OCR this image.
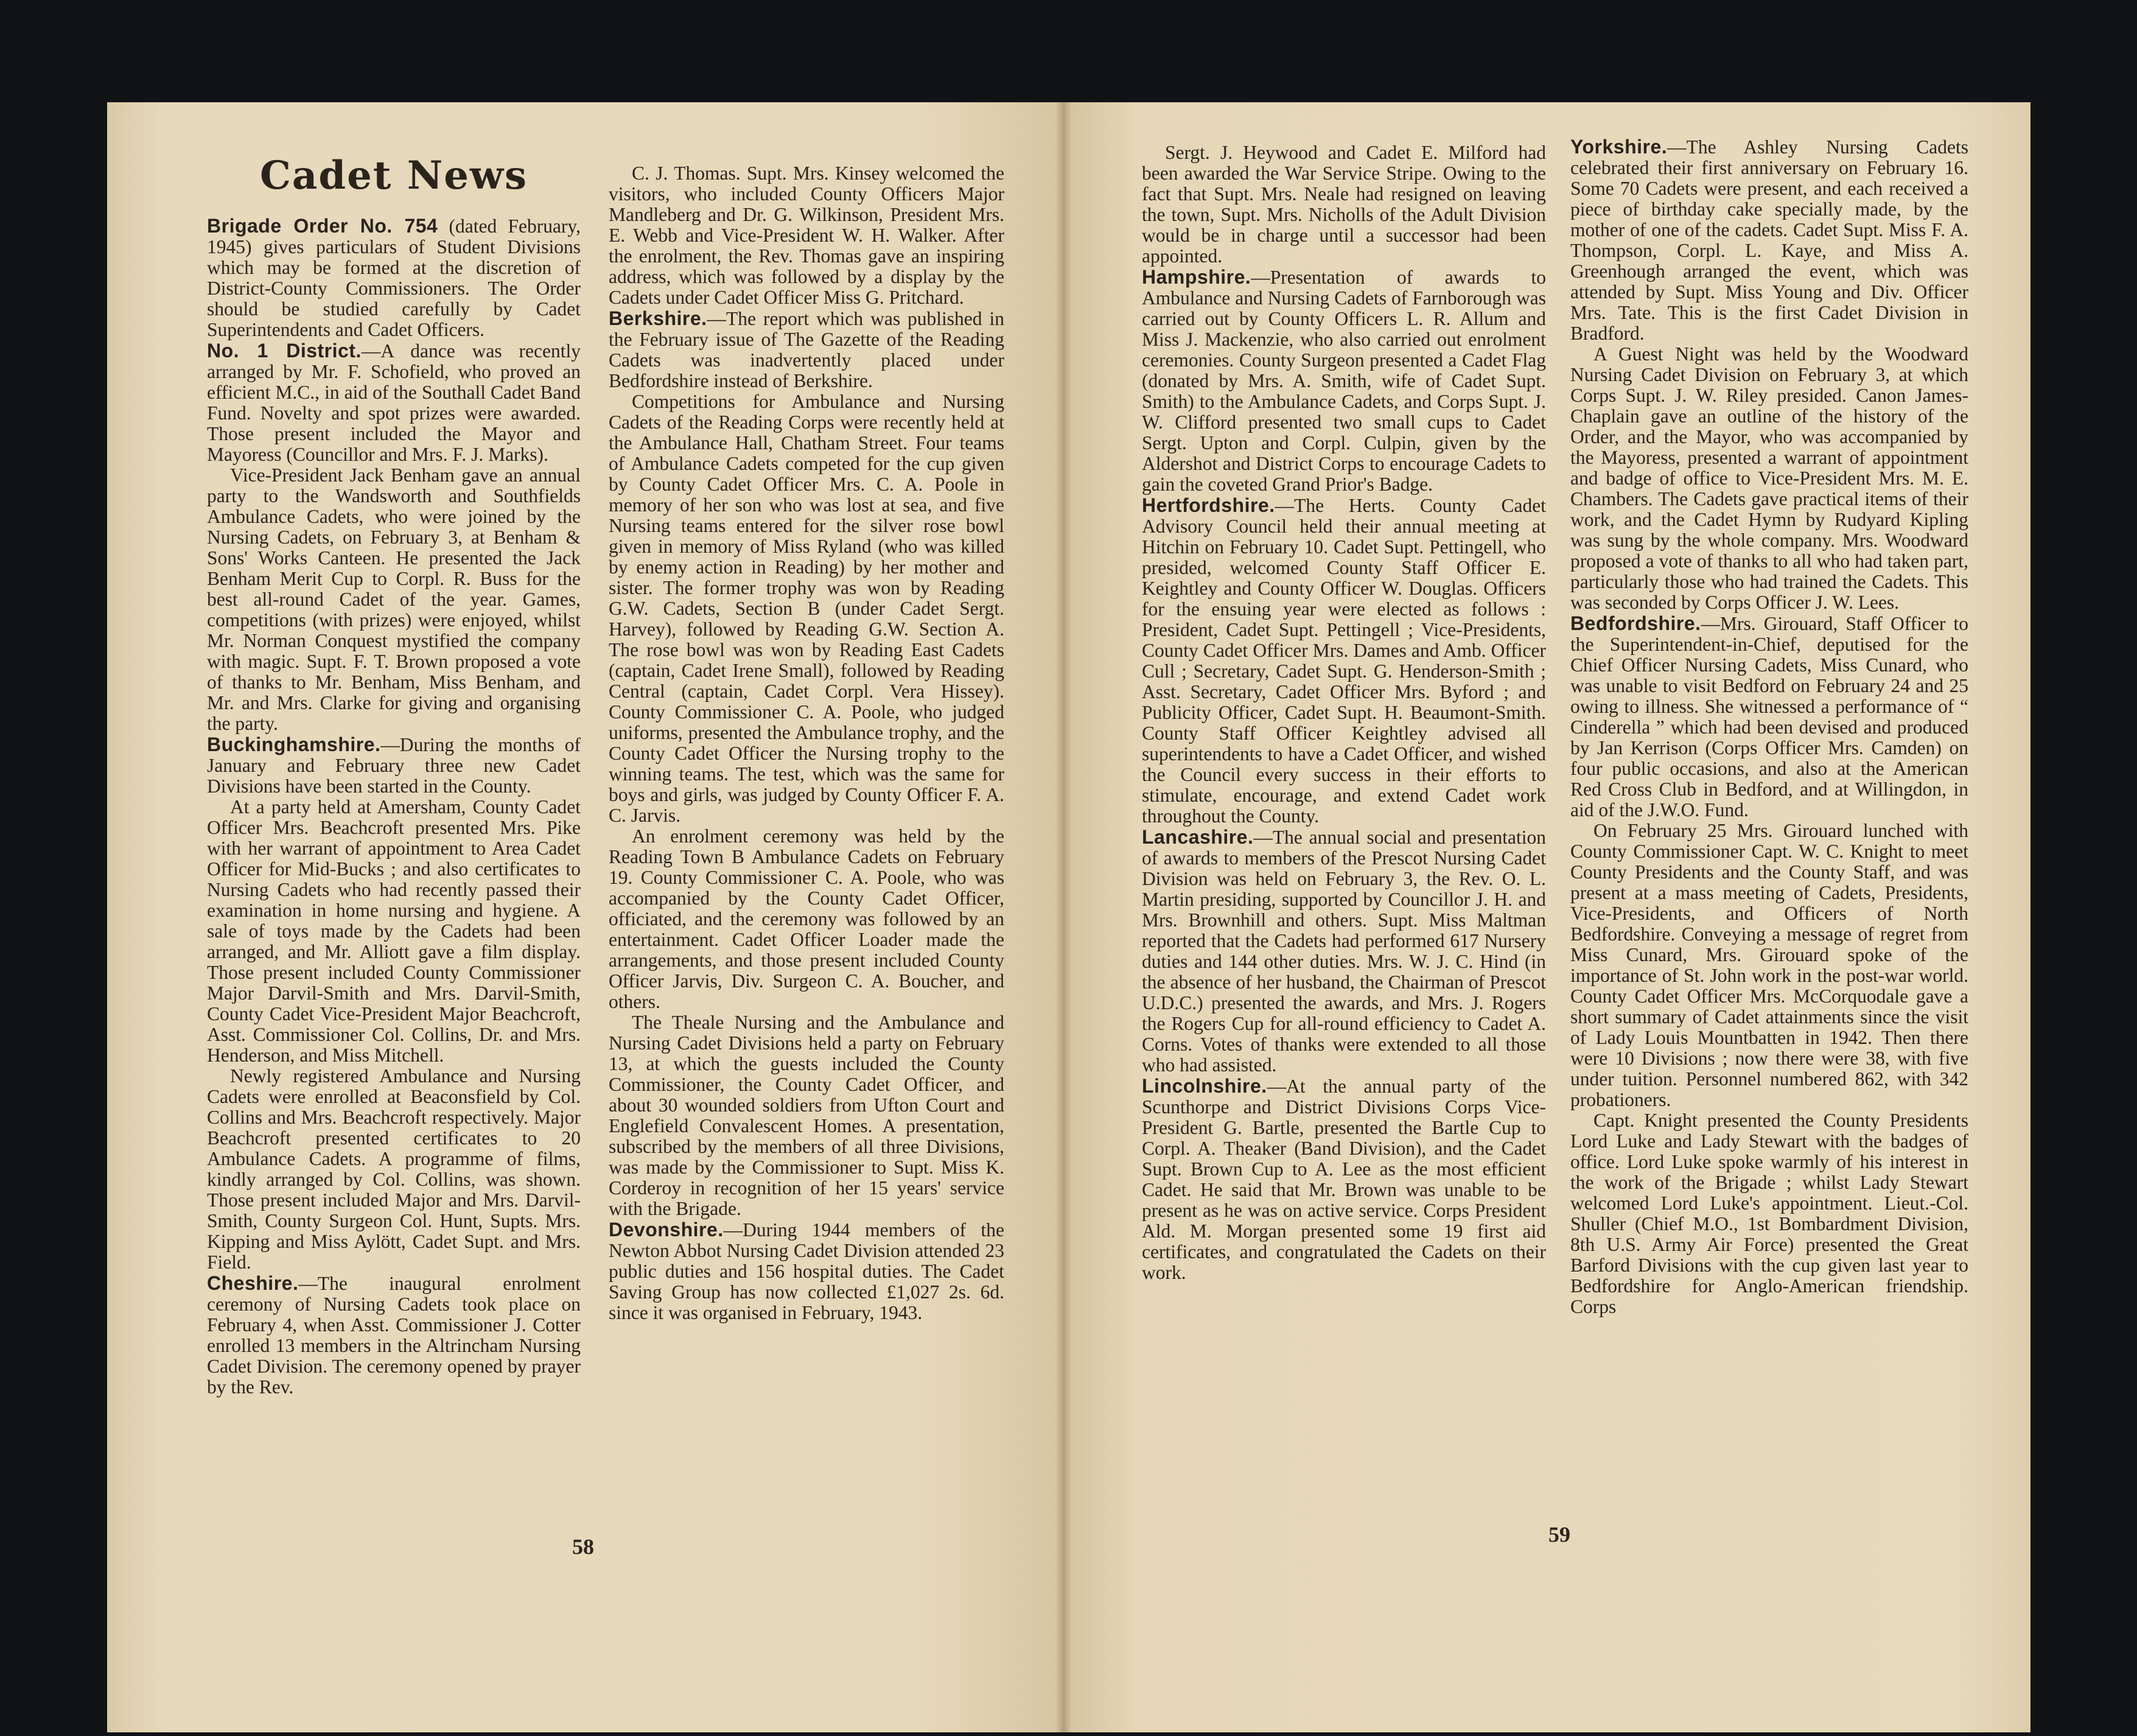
Cadet News

Brigade Order No. 754 (dated February, 1945) gives particulars of Student Divisions which may be formed at the discretion of District-County Commissioners. The Order should be studied carefully by Cadet Superintendents and Cadet Officers.

No. 1 District.—A dance was recently arranged by Mr. F. Schofield, who proved an efficient M.C., in aid of the Southall Cadet Band Fund. Novelty and spot prizes were awarded. Those present included the Mayor and Mayoress (Councillor and Mrs. F. J. Marks).

Vice-President Jack Benham gave an annual party to the Wandsworth and Southfields Ambulance Cadets, who were joined by the Nursing Cadets, on February 3, at Benham & Sons' Works Canteen. He presented the Jack Benham Merit Cup to Corpl. R. Buss for the best all-round Cadet of the year. Games, competitions (with prizes) were enjoyed, whilst Mr. Norman Conquest mystified the company with magic. Supt. F. T. Brown proposed a vote of thanks to Mr. Benham, Miss Benham, and Mr. and Mrs. Clarke for giving and organising the party.

Buckinghamshire.—During the months of January and February three new Cadet Divisions have been started in the County.

At a party held at Amersham, County Cadet Officer Mrs. Beachcroft presented Mrs. Pike with her warrant of appointment to Area Cadet Officer for Mid-Bucks ; and also certificates to Nursing Cadets who had recently passed their examination in home nursing and hygiene. A sale of toys made by the Cadets had been arranged, and Mr. Alliott gave a film display. Those present included County Commissioner Major Darvil-Smith and Mrs. Darvil-Smith, County Cadet Vice-President Major Beachcroft, Asst. Commissioner Col. Collins, Dr. and Mrs. Henderson, and Miss Mitchell.

Newly registered Ambulance and Nursing Cadets were enrolled at Beaconsfield by Col. Collins and Mrs. Beachcroft respectively. Major Beachcroft presented certificates to 20 Ambulance Cadets. A programme of films, kindly arranged by Col. Collins, was shown. Those present included Major and Mrs. Darvil-Smith, County Surgeon Col. Hunt, Supts. Mrs. Kipping and Miss Aylött, Cadet Supt. and Mrs. Field.

Cheshire.—The inaugural enrolment ceremony of Nursing Cadets took place on February 4, when Asst. Commissioner J. Cotter enrolled 13 members in the Altrincham Nursing Cadet Division. The ceremony opened by prayer by the Rev.

C. J. Thomas. Supt. Mrs. Kinsey welcomed the visitors, who included County Officers Major Mandleberg and Dr. G. Wilkinson, President Mrs. E. Webb and Vice-President W. H. Walker. After the enrolment, the Rev. Thomas gave an inspiring address, which was followed by a display by the Cadets under Cadet Officer Miss G. Pritchard.

Berkshire.—The report which was published in the February issue of The Gazette of the Reading Cadets was inadvertently placed under Bedfordshire instead of Berkshire.

Competitions for Ambulance and Nursing Cadets of the Reading Corps were recently held at the Ambulance Hall, Chatham Street. Four teams of Ambulance Cadets competed for the cup given by County Cadet Officer Mrs. C. A. Poole in memory of her son who was lost at sea, and five Nursing teams entered for the silver rose bowl given in memory of Miss Ryland (who was killed by enemy action in Reading) by her mother and sister. The former trophy was won by Reading G.W. Cadets, Section B (under Cadet Sergt. Harvey), followed by Reading G.W. Section A. The rose bowl was won by Reading East Cadets (captain, Cadet Irene Small), followed by Reading Central (captain, Cadet Corpl. Vera Hissey). County Commissioner C. A. Poole, who judged uniforms, presented the Ambulance trophy, and the County Cadet Officer the Nursing trophy to the winning teams. The test, which was the same for boys and girls, was judged by County Officer F. A. C. Jarvis.

An enrolment ceremony was held by the Reading Town B Ambulance Cadets on February 19. County Commissioner C. A. Poole, who was accompanied by the County Cadet Officer, officiated, and the ceremony was followed by an entertainment. Cadet Officer Loader made the arrangements, and those present included County Officer Jarvis, Div. Surgeon C. A. Boucher, and others.

The Theale Nursing and the Ambulance and Nursing Cadet Divisions held a party on February 13, at which the guests included the County Commissioner, the County Cadet Officer, and about 30 wounded soldiers from Ufton Court and Englefield Convalescent Homes. A presentation, subscribed by the members of all three Divisions, was made by the Commissioner to Supt. Miss K. Corderoy in recognition of her 15 years' service with the Brigade.

Devonshire.—During 1944 members of the Newton Abbot Nursing Cadet Division attended 23 public duties and 156 hospital duties. The Cadet Saving Group has now collected £1,027 2s. 6d. since it was organised in February, 1943.

Sergt. J. Heywood and Cadet E. Milford had been awarded the War Service Stripe. Owing to the fact that Supt. Mrs. Neale had resigned on leaving the town, Supt. Mrs. Nicholls of the Adult Division would be in charge until a successor had been appointed.

Hampshire.—Presentation of awards to Ambulance and Nursing Cadets of Farnborough was carried out by County Officers L. R. Allum and Miss J. Mackenzie, who also carried out enrolment ceremonies. County Surgeon presented a Cadet Flag (donated by Mrs. A. Smith, wife of Cadet Supt. Smith) to the Ambulance Cadets, and Corps Supt. J. W. Clifford presented two small cups to Cadet Sergt. Upton and Corpl. Culpin, given by the Aldershot and District Corps to encourage Cadets to gain the coveted Grand Prior's Badge.

Hertfordshire.—The Herts. County Cadet Advisory Council held their annual meeting at Hitchin on February 10. Cadet Supt. Pettingell, who presided, welcomed County Staff Officer E. Keightley and County Officer W. Douglas. Officers for the ensuing year were elected as follows : President, Cadet Supt. Pettingell ; Vice-Presidents, County Cadet Officer Mrs. Dames and Amb. Officer Cull ; Secretary, Cadet Supt. G. Henderson-Smith ; Asst. Secretary, Cadet Officer Mrs. Byford ; and Publicity Officer, Cadet Supt. H. Beaumont-Smith. County Staff Officer Keightley advised all superintendents to have a Cadet Officer, and wished the Council every success in their efforts to stimulate, encourage, and extend Cadet work throughout the County.

Lancashire.—The annual social and presentation of awards to members of the Prescot Nursing Cadet Division was held on February 3, the Rev. O. L. Martin presiding, supported by Councillor J. H. and Mrs. Brownhill and others. Supt. Miss Maltman reported that the Cadets had performed 617 Nursery duties and 144 other duties. Mrs. W. J. C. Hind (in the absence of her husband, the Chairman of Prescot U.D.C.) presented the awards, and Mrs. J. Rogers the Rogers Cup for all-round efficiency to Cadet A. Corns. Votes of thanks were extended to all those who had assisted.

Lincolnshire.—At the annual party of the Scunthorpe and District Divisions Corps Vice-President G. Bartle, presented the Bartle Cup to Corpl. A. Theaker (Band Division), and the Cadet Supt. Brown Cup to A. Lee as the most efficient Cadet. He said that Mr. Brown was unable to be present as he was on active service. Corps President Ald. M. Morgan presented some 19 first aid certificates, and congratulated the Cadets on their work.

Yorkshire.—The Ashley Nursing Cadets celebrated their first anniversary on February 16. Some 70 Cadets were present, and each received a piece of birthday cake specially made, by the mother of one of the cadets. Cadet Supt. Miss F. A. Thompson, Corpl. L. Kaye, and Miss A. Greenhough arranged the event, which was attended by Supt. Miss Young and Div. Officer Mrs. Tate. This is the first Cadet Division in Bradford.

A Guest Night was held by the Woodward Nursing Cadet Division on February 3, at which Corps Supt. J. W. Riley presided. Canon James-Chaplain gave an outline of the history of the Order, and the Mayor, who was accompanied by the Mayoress, presented a warrant of appointment and badge of office to Vice-President Mrs. M. E. Chambers. The Cadets gave practical items of their work, and the Cadet Hymn by Rudyard Kipling was sung by the whole company. Mrs. Woodward proposed a vote of thanks to all who had taken part, particularly those who had trained the Cadets. This was seconded by Corps Officer J. W. Lees.

Bedfordshire.—Mrs. Girouard, Staff Officer to the Superintendent-in-Chief, deputised for the Chief Officer Nursing Cadets, Miss Cunard, who was unable to visit Bedford on February 24 and 25 owing to illness. She witnessed a performance of “ Cinderella ” which had been devised and produced by Jan Kerrison (Corps Officer Mrs. Camden) on four public occasions, and also at the American Red Cross Club in Bedford, and at Willingdon, in aid of the J.W.O. Fund.

On February 25 Mrs. Girouard lunched with County Commissioner Capt. W. C. Knight to meet County Presidents and the County Staff, and was present at a mass meeting of Cadets, Presidents, Vice-Presidents, and Officers of North Bedfordshire. Conveying a message of regret from Miss Cunard, Mrs. Girouard spoke of the importance of St. John work in the post-war world. County Cadet Officer Mrs. McCorquodale gave a short summary of Cadet attainments since the visit of Lady Louis Mountbatten in 1942. Then there were 10 Divisions ; now there were 38, with five under tuition. Personnel numbered 862, with 342 probationers.

Capt. Knight presented the County Presidents Lord Luke and Lady Stewart with the badges of office. Lord Luke spoke warmly of his interest in the work of the Brigade ; whilst Lady Stewart welcomed Lord Luke's appointment. Lieut.-Col. Shuller (Chief M.O., 1st Bombardment Division, 8th U.S. Army Air Force) presented the Great Barford Divisions with the cup given last year to Bedfordshire for Anglo-American friendship. Corps

58	59
